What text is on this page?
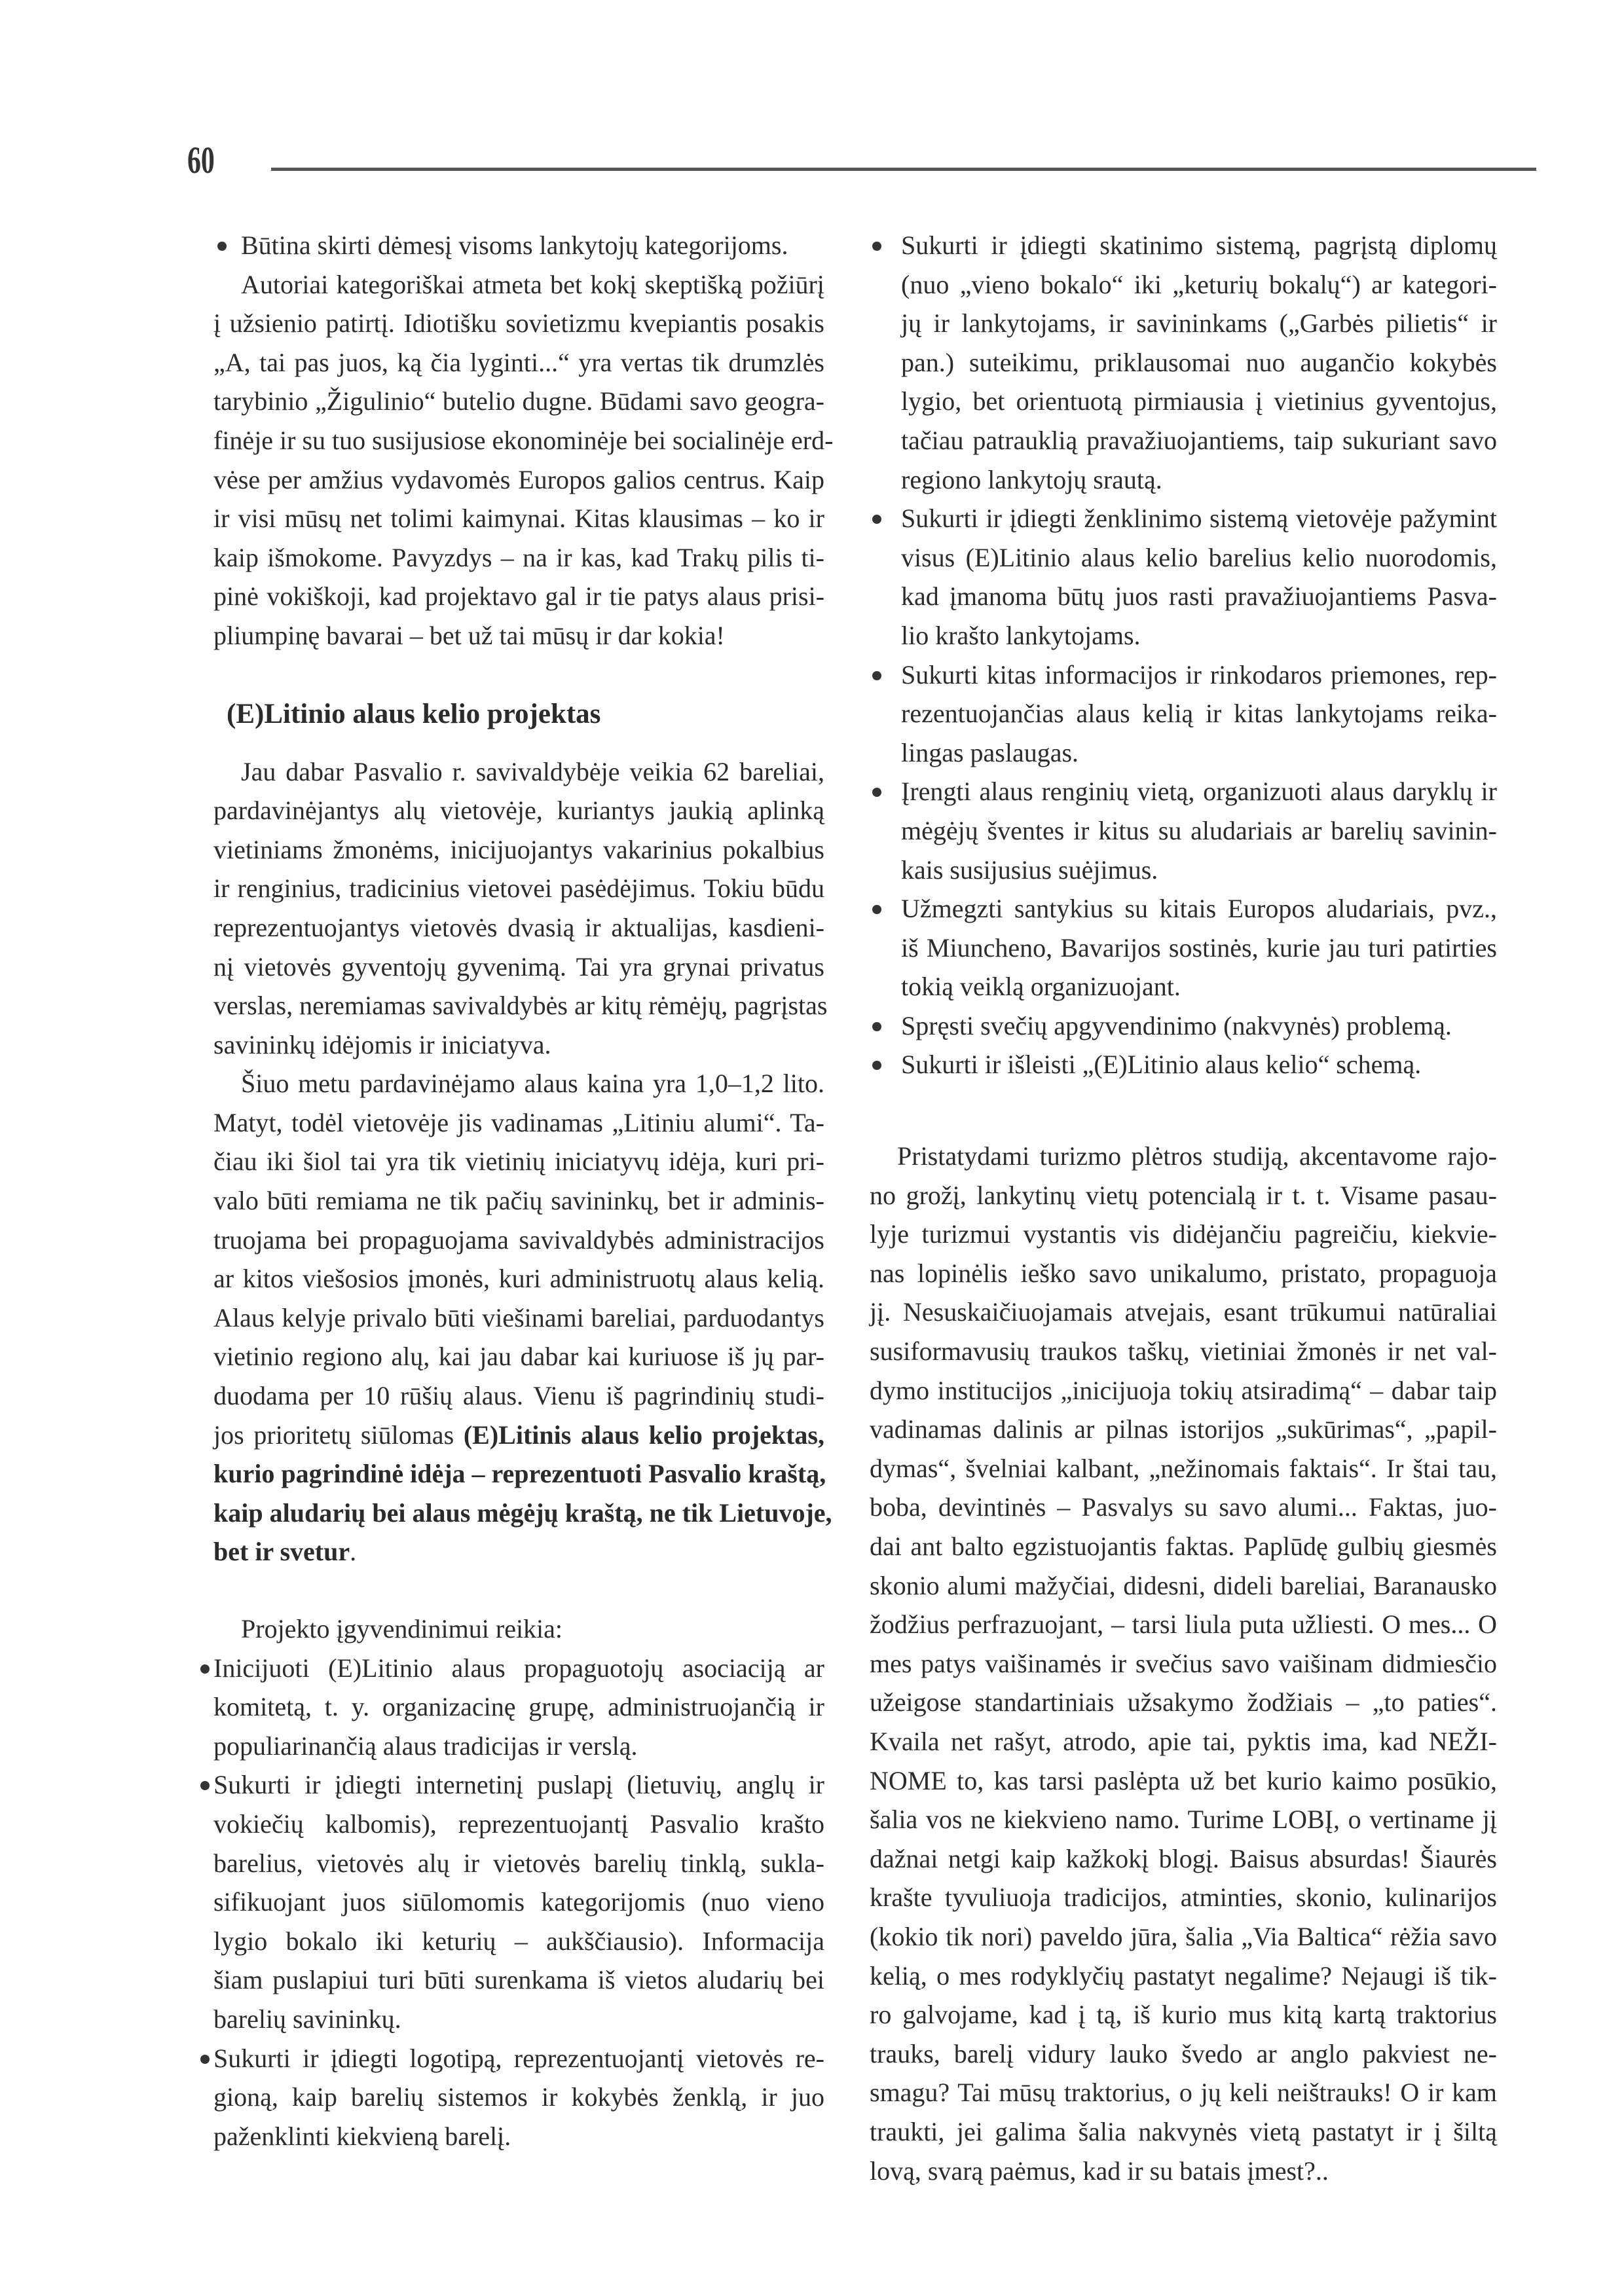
60
Būtina skirti dėmesį visoms lankytojų kategorijoms.
Autoriai kategoriškai atmeta bet kokį skeptišką požiūrį
į užsienio patirtį. Idiotišku sovietizmu kvepiantis posakis
„A, tai pas juos, ką čia lyginti...“ yra vertas tik drumzlės
tarybinio „Žigulinio“ butelio dugne. Būdami savo geogra-
finėje ir su tuo susijusiose ekonominėje bei socialinėje erd-
vėse per amžius vydavomės Europos galios centrus. Kaip
ir visi mūsų net tolimi kaimynai. Kitas klausimas – ko ir
kaip išmokome. Pavyzdys – na ir kas, kad Trakų pilis ti-
pinė vokiškoji, kad projektavo gal ir tie patys alaus prisi-
pliumpinę bavarai – bet už tai mūsų ir dar kokia!
(E)Litinio alaus kelio projektas
Jau dabar Pasvalio r. savivaldybėje veikia 62 bareliai,
pardavinėjantys alų vietovėje, kuriantys jaukią aplinką
vietiniams žmonėms, inicijuojantys vakarinius pokalbius
ir renginius, tradicinius vietovei pasėdėjimus. Tokiu būdu
reprezentuojantys vietovės dvasią ir aktualijas, kasdieni-
nį vietovės gyventojų gyvenimą. Tai yra grynai privatus
verslas, neremiamas savivaldybės ar kitų rėmėjų, pagrįstas
savininkų idėjomis ir iniciatyva.
Šiuo metu pardavinėjamo alaus kaina yra 1,0–1,2 lito.
Matyt, todėl vietovėje jis vadinamas „Litiniu alumi“. Ta-
čiau iki šiol tai yra tik vietinių iniciatyvų idėja, kuri pri-
valo būti remiama ne tik pačių savininkų, bet ir adminis-
truojama bei propaguojama savivaldybės administracijos
ar kitos viešosios įmonės, kuri administruotų alaus kelią.
Alaus kelyje privalo būti viešinami bareliai, parduodantys
vietinio regiono alų, kai jau dabar kai kuriuose iš jų par-
duodama per 10 rūšių alaus. Vienu iš pagrindinių studi-
jos prioritetų siūlomas (E)Litinis alaus kelio projektas,
kurio pagrindinė idėja – reprezentuoti Pasvalio kraštą,
kaip aludarių bei alaus mėgėjų kraštą, ne tik Lietuvoje,
bet ir svetur.
Projekto įgyvendinimui reikia:
Inicijuoti (E)Litinio alaus propaguotojų asociaciją ar
komitetą, t. y. organizacinę grupę, administruojančią ir
populiarinančią alaus tradicijas ir verslą.
Sukurti ir įdiegti internetinį puslapį (lietuvių, anglų ir
vokiečių kalbomis), reprezentuojantį Pasvalio krašto
barelius, vietovės alų ir vietovės barelių tinklą, sukla-
sifikuojant juos siūlomomis kategorijomis (nuo vieno
lygio bokalo iki keturių – aukščiausio). Informacija
šiam puslapiui turi būti surenkama iš vietos aludarių bei
barelių savininkų.
Sukurti ir įdiegti logotipą, reprezentuojantį vietovės re-
gioną, kaip barelių sistemos ir kokybės ženklą, ir juo
paženklinti kiekvieną barelį.
Sukurti ir įdiegti skatinimo sistemą, pagrįstą diplomų
(nuo „vieno bokalo“ iki „keturių bokalų“) ar kategori-
jų ir lankytojams, ir savininkams („Garbės pilietis“ ir
pan.) suteikimu, priklausomai nuo augančio kokybės
lygio, bet orientuotą pirmiausia į vietinius gyventojus,
tačiau patrauklią pravažiuojantiems, taip sukuriant savo
regiono lankytojų srautą.
Sukurti ir įdiegti ženklinimo sistemą vietovėje pažymint
visus (E)Litinio alaus kelio barelius kelio nuorodomis,
kad įmanoma būtų juos rasti pravažiuojantiems Pasva-
lio krašto lankytojams.
Sukurti kitas informacijos ir rinkodaros priemones, rep-
rezentuojančias alaus kelią ir kitas lankytojams reika-
lingas paslaugas.
Įrengti alaus renginių vietą, organizuoti alaus daryklų ir
mėgėjų šventes ir kitus su aludariais ar barelių savinin-
kais susijusius suėjimus.
Užmegzti santykius su kitais Europos aludariais, pvz.,
iš Miuncheno, Bavarijos sostinės, kurie jau turi patirties
tokią veiklą organizuojant.
Spręsti svečių apgyvendinimo (nakvynės) problemą.
Sukurti ir išleisti „(E)Litinio alaus kelio“ schemą.
Pristatydami turizmo plėtros studiją, akcentavome rajo-
no grožį, lankytinų vietų potencialą ir t. t. Visame pasau-
lyje turizmui vystantis vis didėjančiu pagreičiu, kiekvie-
nas lopinėlis ieško savo unikalumo, pristato, propaguoja
jį. Nesuskaičiuojamais atvejais, esant trūkumui natūraliai
susiformavusių traukos taškų, vietiniai žmonės ir net val-
dymo institucijos „inicijuoja tokių atsiradimą“ – dabar taip
vadinamas dalinis ar pilnas istorijos „sukūrimas“, „papil-
dymas“, švelniai kalbant, „nežinomais faktais“. Ir štai tau,
boba, devintinės – Pasvalys su savo alumi... Faktas, juo-
dai ant balto egzistuojantis faktas. Paplūdę gulbių giesmės
skonio alumi mažyčiai, didesni, dideli bareliai, Baranausko
žodžius perfrazuojant, – tarsi liula puta užliesti. O mes... O
mes patys vaišinamės ir svečius savo vaišinam didmiesčio
užeigose standartiniais užsakymo žodžiais – „to paties“.
Kvaila net rašyt, atrodo, apie tai, pyktis ima, kad NEŽI-
NOME to, kas tarsi paslėpta už bet kurio kaimo posūkio,
šalia vos ne kiekvieno namo. Turime LOBĮ, o vertiname jį
dažnai netgi kaip kažkokį blogį. Baisus absurdas! Šiaurės
krašte tyvuliuoja tradicijos, atminties, skonio, kulinarijos
(kokio tik nori) paveldo jūra, šalia „Via Baltica“ rėžia savo
kelią, o mes rodyklyčių pastatyt negalime? Nejaugi iš tik-
ro galvojame, kad į tą, iš kurio mus kitą kartą traktorius
trauks, barelį vidury lauko švedo ar anglo pakviest ne-
smagu? Tai mūsų traktorius, o jų keli neištrauks! O ir kam
traukti, jei galima šalia nakvynės vietą pastatyt ir į šiltą
lovą, svarą paėmus, kad ir su batais įmest?..
